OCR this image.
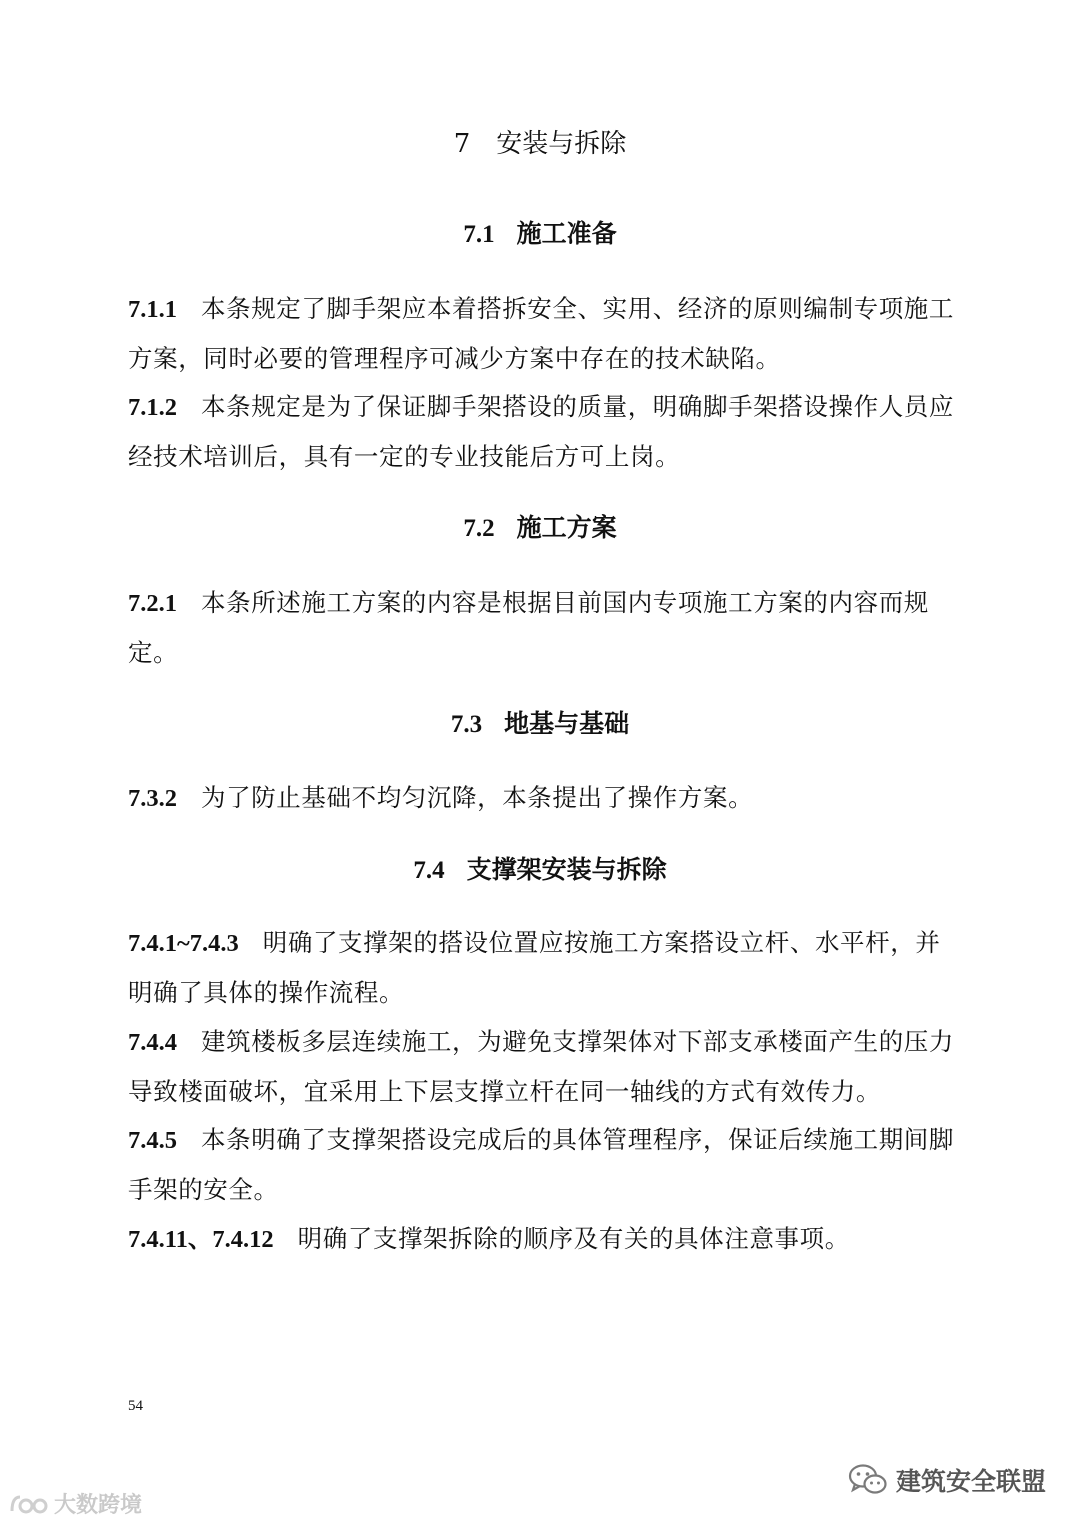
7 安装与拆除
7.1 施工准备
7.1.1 本条规定了脚手架应本着搭拆安全、实用、经济的原则编制专项施工方案，同时必要的管理程序可减少方案中存在的技术缺陷。
7.1.2 本条规定是为了保证脚手架搭设的质量，明确脚手架搭设操作人员应经技术培训后，具有一定的专业技能后方可上岗。
7.2 施工方案
7.2.1 本条所述施工方案的内容是根据目前国内专项施工方案的内容而规定。
7.3 地基与基础
7.3.2 为了防止基础不均匀沉降，本条提出了操作方案。
7.4 支撑架安装与拆除
7.4.1~7.4.3 明确了支撑架的搭设位置应按施工方案搭设立杆、水平杆，并明确了具体的操作流程。
7.4.4 建筑楼板多层连续施工，为避免支撑架体对下部支承楼面产生的压力导致楼面破坏，宜采用上下层支撑立杆在同一轴线的方式有效传力。
7.4.5 本条明确了支撑架搭设完成后的具体管理程序，保证后续施工期间脚手架的安全。
7.4.11、7.4.12 明确了支撑架拆除的顺序及有关的具体注意事项。
54
大数跨境
建筑安全联盟
